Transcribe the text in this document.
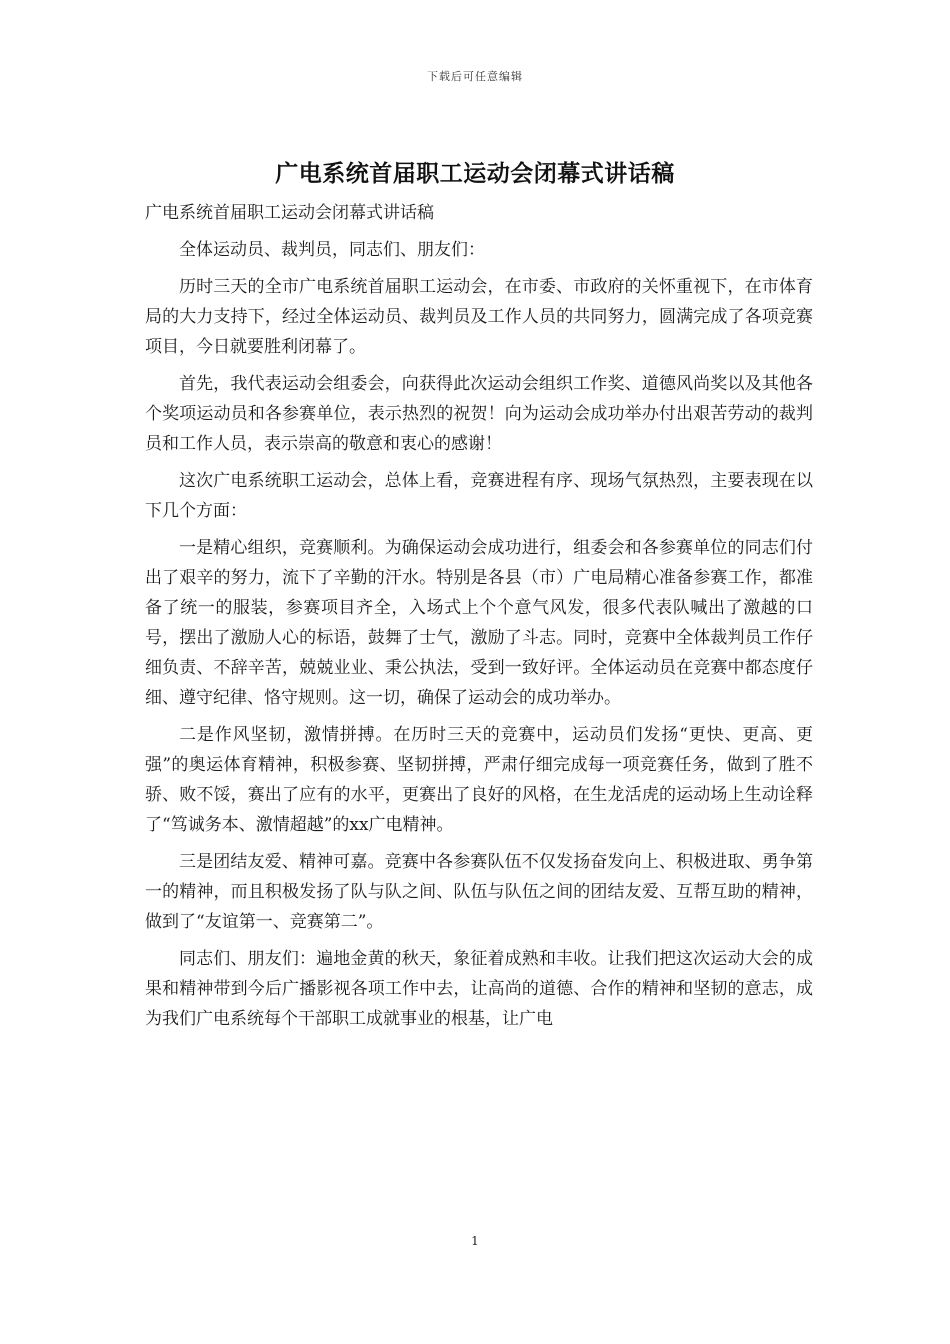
下载后可任意编辑
广电系统首届职工运动会闭幕式讲话稿

广电系统首届职工运动会闭幕式讲话稿

全体运动员、裁判员，同志们、朋友们：

历时三天的全市广电系统首届职工运动会，在市委、市政府的关怀重视下，在市体育局的大力支持下，经过全体运动员、裁判员及工作人员的共同努力，圆满完成了各项竞赛项目，今日就要胜利闭幕了。

首先，我代表运动会组委会，向获得此次运动会组织工作奖、道德风尚奖以及其他各个奖项运动员和各参赛单位，表示热烈的祝贺！向为运动会成功举办付出艰苦劳动的裁判员和工作人员，表示崇高的敬意和衷心的感谢！

这次广电系统职工运动会，总体上看，竞赛进程有序、现场气氛热烈，主要表现在以下几个方面：

一是精心组织，竞赛顺利。为确保运动会成功进行，组委会和各参赛单位的同志们付出了艰辛的努力，流下了辛勤的汗水。特别是各县（市）广电局精心准备参赛工作，都准备了统一的服装，参赛项目齐全，入场式上个个意气风发，很多代表队喊出了激越的口号，摆出了激励人心的标语，鼓舞了士气，激励了斗志。同时，竞赛中全体裁判员工作仔细负责、不辞辛苦，兢兢业业、秉公执法，受到一致好评。全体运动员在竞赛中都态度仔细、遵守纪律、恪守规则。这一切，确保了运动会的成功举办。

二是作风坚韧，激情拼搏。在历时三天的竞赛中，运动员们发扬“更快、更高、更强”的奥运体育精神，积极参赛、坚韧拼搏，严肃仔细完成每一项竞赛任务，做到了胜不骄、败不馁，赛出了应有的水平，更赛出了良好的风格，在生龙活虎的运动场上生动诠释了“笃诚务本、激情超越”的xx广电精神。

三是团结友爱、精神可嘉。竞赛中各参赛队伍不仅发扬奋发向上、积极进取、勇争第一的精神，而且积极发扬了队与队之间、队伍与队伍之间的团结友爱、互帮互助的精神，做到了“友谊第一、竞赛第二”。

同志们、朋友们：遍地金黄的秋天，象征着成熟和丰收。让我们把这次运动大会的成果和精神带到今后广播影视各项工作中去，让高尚的道德、合作的精神和坚韧的意志，成为我们广电系统每个干部职工成就事业的根基，让广电

1
